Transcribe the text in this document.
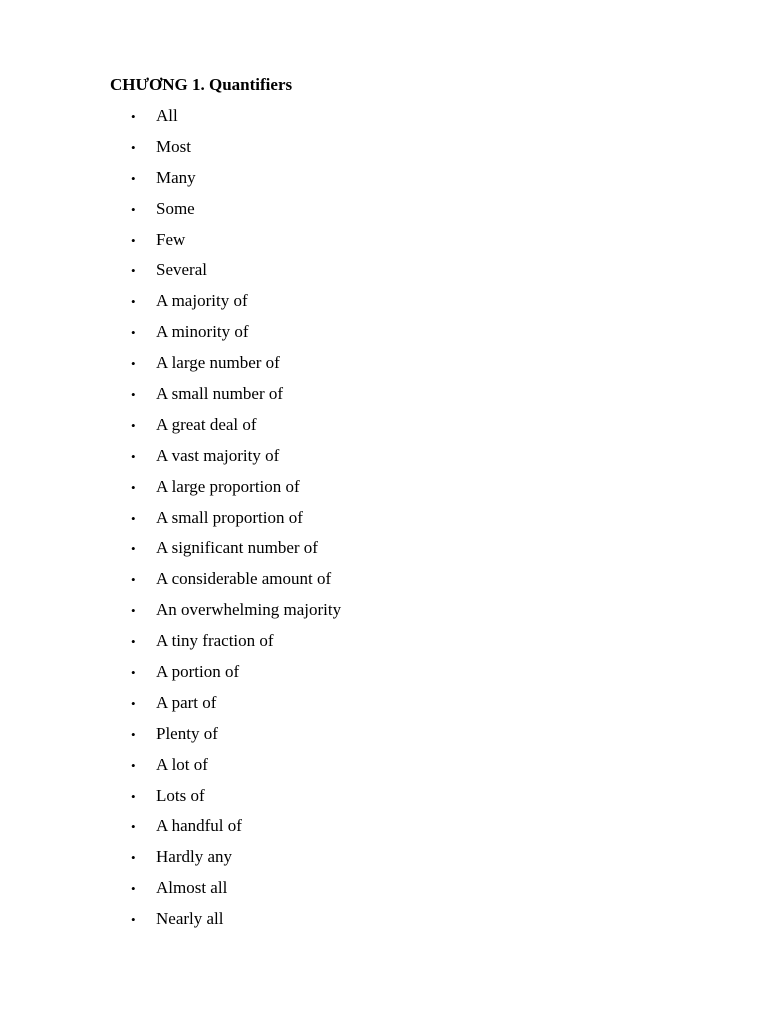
CHƯƠNG 1. Quantifiers
• All
• Most
• Many
• Some
• Few
• Several
• A majority of
• A minority of
• A large number of
• A small number of
• A great deal of
• A vast majority of
• A large proportion of
• A small proportion of
• A significant number of
• A considerable amount of
• An overwhelming majority
• A tiny fraction of
• A portion of
• A part of
• Plenty of
• A lot of
• Lots of
• A handful of
• Hardly any
• Almost all
• Nearly all
